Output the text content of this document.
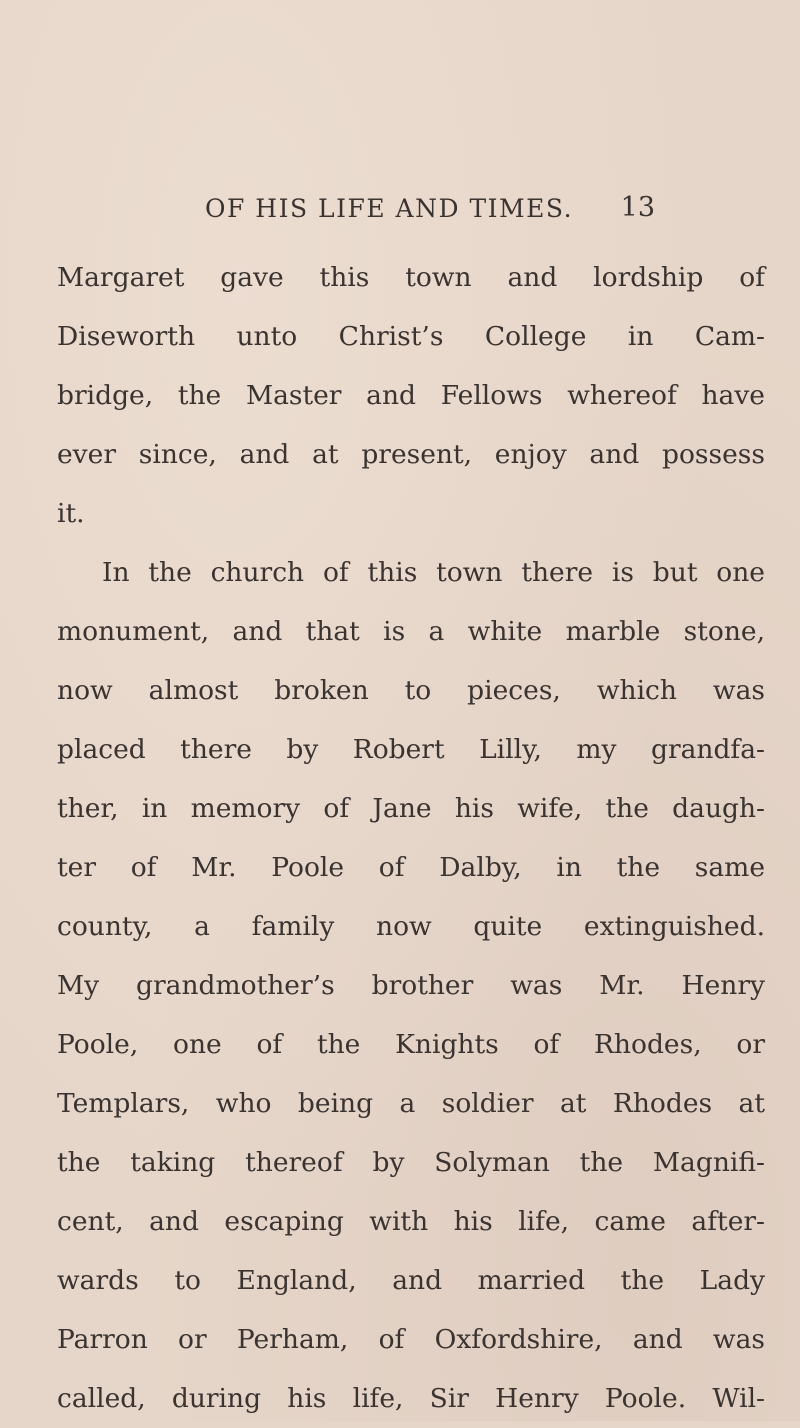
OF HIS LIFE AND TIMES. 13
Margaret gave this town and lordship of
Diseworth unto Christ’s College in Cam-
bridge, the Master and Fellows whereof have
ever since, and at present, enjoy and possess
it.
In the church of this town there is but one
monument, and that is a white marble stone,
now almost broken to pieces, which was
placed there by Robert Lilly, my grandfa-
ther, in memory of Jane his wife, the daugh-
ter of Mr. Poole of Dalby, in the same
county, a family now quite extinguished.
My grandmother’s brother was Mr. Henry
Poole, one of the Knights of Rhodes, or
Templars, who being a soldier at Rhodes at
the taking thereof by Solyman the Magnifi-
cent, and escaping with his life, came after-
wards to England, and married the Lady
Parron or Perham, of Oxfordshire, and was
called, during his life, Sir Henry Poole. Wil-
